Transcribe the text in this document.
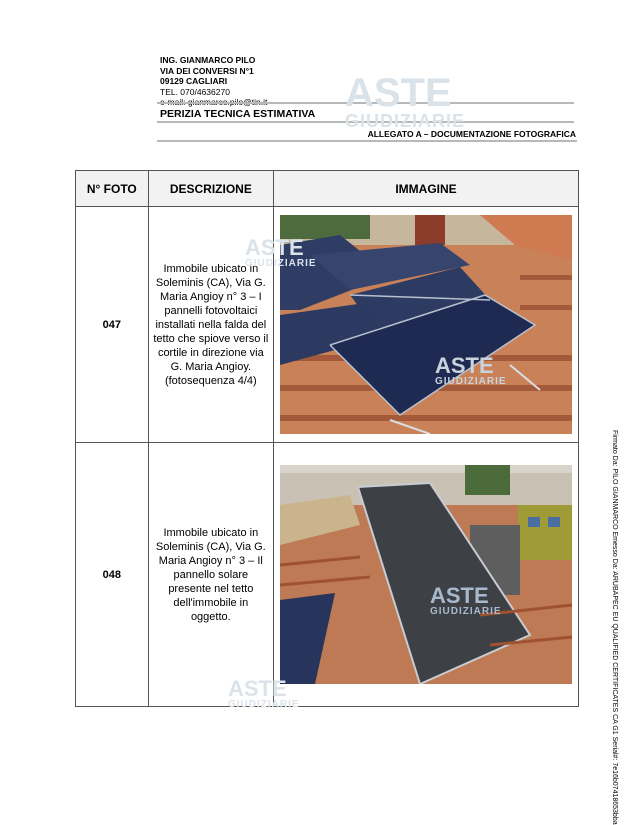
ING. GIANMARCO PILO
VIA DEI CONVERSI N°1
09129 CAGLIARI
TEL. 070/4636270
PERIZIA TECNICA ESTIMATIVA
ALLEGATO A – DOCUMENTAZIONE FOTOGRAFICA
ASTE
GIUDIZIARIE
N° FOTO	DESCRIZIONE	IMMAGINE
047	Immobile ubicato in Soleminis (CA), Via G. Maria Angioy n° 3 – I pannelli fotovoltaici installati nella falda del tetto che spiove verso il cortile in direzione via G. Maria Angioy. (fotosequenza 4/4)	

048	Immobile ubicato in Soleminis (CA), Via G. Maria Angioy n° 3 – Il pannello solare presente nel tetto dell'immobile in oggetto.	
ASTE
GIUDIZIARIE
ASTE
GIUDIZIARIE
ASTE
GIUDIZIARIE
ASTE
GIUDIZIARIE	Firmato Da: PILO GIANMARCO Emesso Da: ARUBAPEC EU QUALIFIED CERTIFICATES CA G1 Serial#: 7e16b07418653bba
